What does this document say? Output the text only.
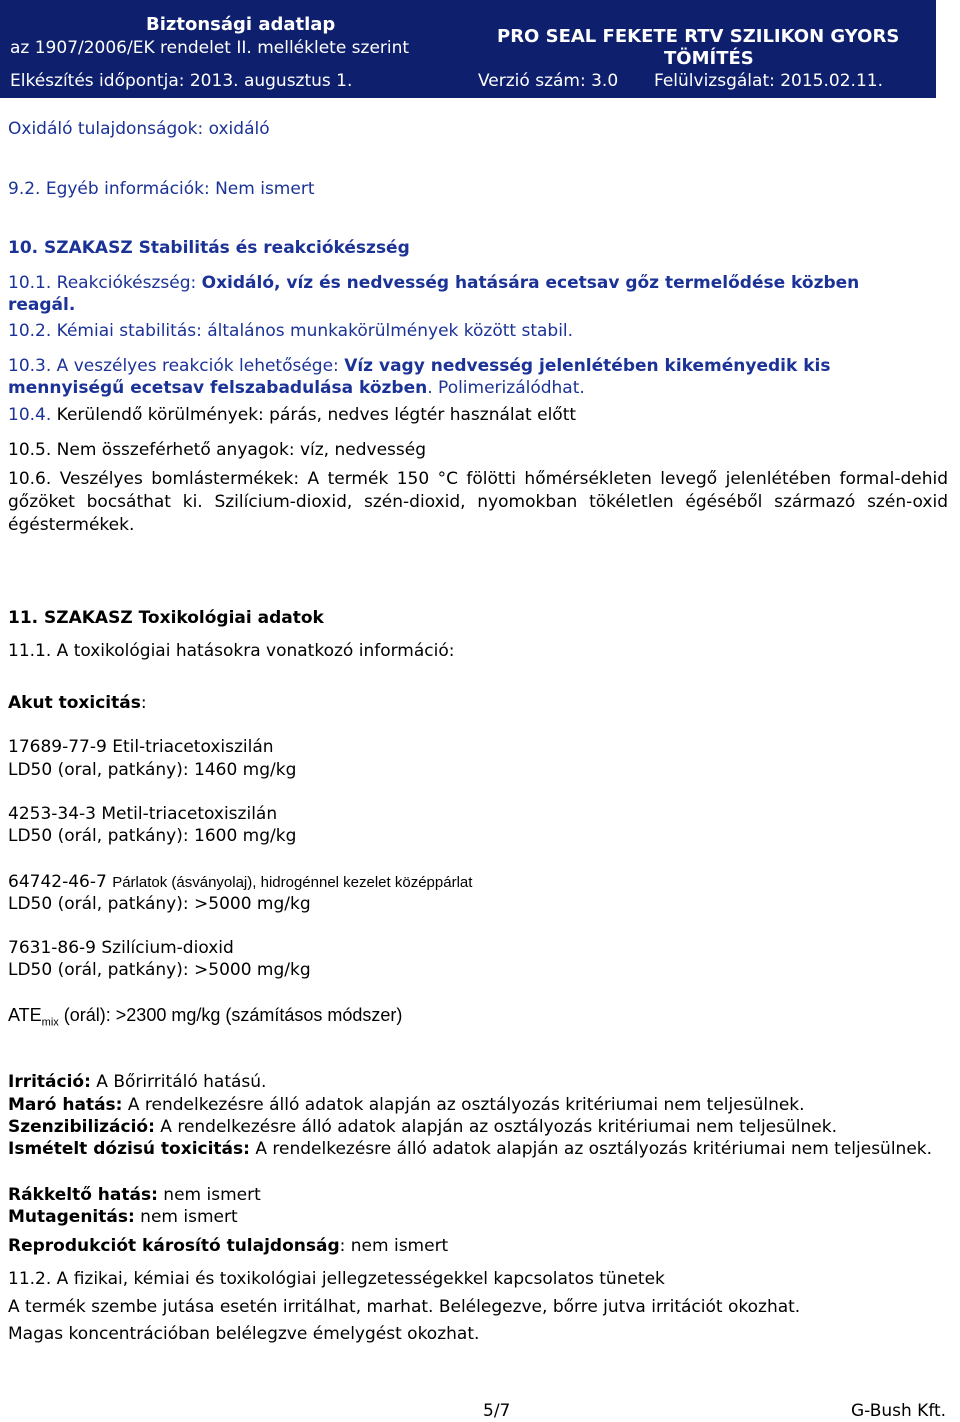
Biztonsági adatlap
az 1907/2006/EK rendelet II. melléklete szerint
PRO SEAL FEKETE RTV SZILIKON GYORS
TÖMÍTÉS
Elkészítés időpontja: 2013. augusztus 1.	Verzió szám: 3.0 Felülvizsgálat: 2015.02.11.
Oxidáló tulajdonságok: oxidáló
9.2. Egyéb információk: Nem ismert
10. SZAKASZ Stabilitás és reakciókészség
10.1. Reakciókészség: Oxidáló, víz és nedvesség hatására ecetsav gőz termelődése közben
reagál.
10.2. Kémiai stabilitás: általános munkakörülmények között stabil.
10.3. A veszélyes reakciók lehetősége: Víz vagy nedvesség jelenlétében kikeményedik kis
mennyiségű ecetsav felszabadulása közben. Polimerizálódhat.
10.4. Kerülendő körülmények: párás, nedves légtér használat előtt
10.5. Nem összeférhető anyagok: víz, nedvesség
10.6. Veszélyes bomlástermékek: A termék 150 °C fölötti hőmérsékleten levegő jelenlétében formal-dehid gőzöket bocsáthat ki. Szilícium-dioxid, szén-dioxid, nyomokban tökéletlen égéséből származó szén-oxid égéstermékek.
11. SZAKASZ Toxikológiai adatok
11.1. A toxikológiai hatásokra vonatkozó információ:
Akut toxicitás:
17689-77-9 Etil-triacetoxiszilán
LD50 (oral, patkány): 1460 mg/kg
4253-34-3 Metil-triacetoxiszilán
LD50 (orál, patkány): 1600 mg/kg
64742-46-7 Párlatok (ásványolaj), hidrogénnel kezelet középpárlat
LD50 (orál, patkány): >5000 mg/kg
7631-86-9 Szilícium-dioxid
LD50 (orál, patkány): >5000 mg/kg
$ATE_{mix}$ (orál): >2300 mg/kg (számításos módszer)
Irritáció: A Bőrirritáló hatású.
Maró hatás: A rendelkezésre álló adatok alapján az osztályozás kritériumai nem teljesülnek.
Szenzibilizáció: A rendelkezésre álló adatok alapján az osztályozás kritériumai nem teljesülnek.
Ismételt dózisú toxicitás: A rendelkezésre álló adatok alapján az osztályozás kritériumai nem teljesülnek.
Rákkeltő hatás: nem ismert
Mutagenitás: nem ismert
Reprodukciót károsító tulajdonság: nem ismert
11.2. A fizikai, kémiai és toxikológiai jellegzetességekkel kapcsolatos tünetek
A termék szembe jutása esetén irritálhat, marhat. Belélegezve, bőrre jutva irritációt okozhat.
Magas koncentrációban belélegzve émelygést okozhat.
5/7	G-Bush Kft.
